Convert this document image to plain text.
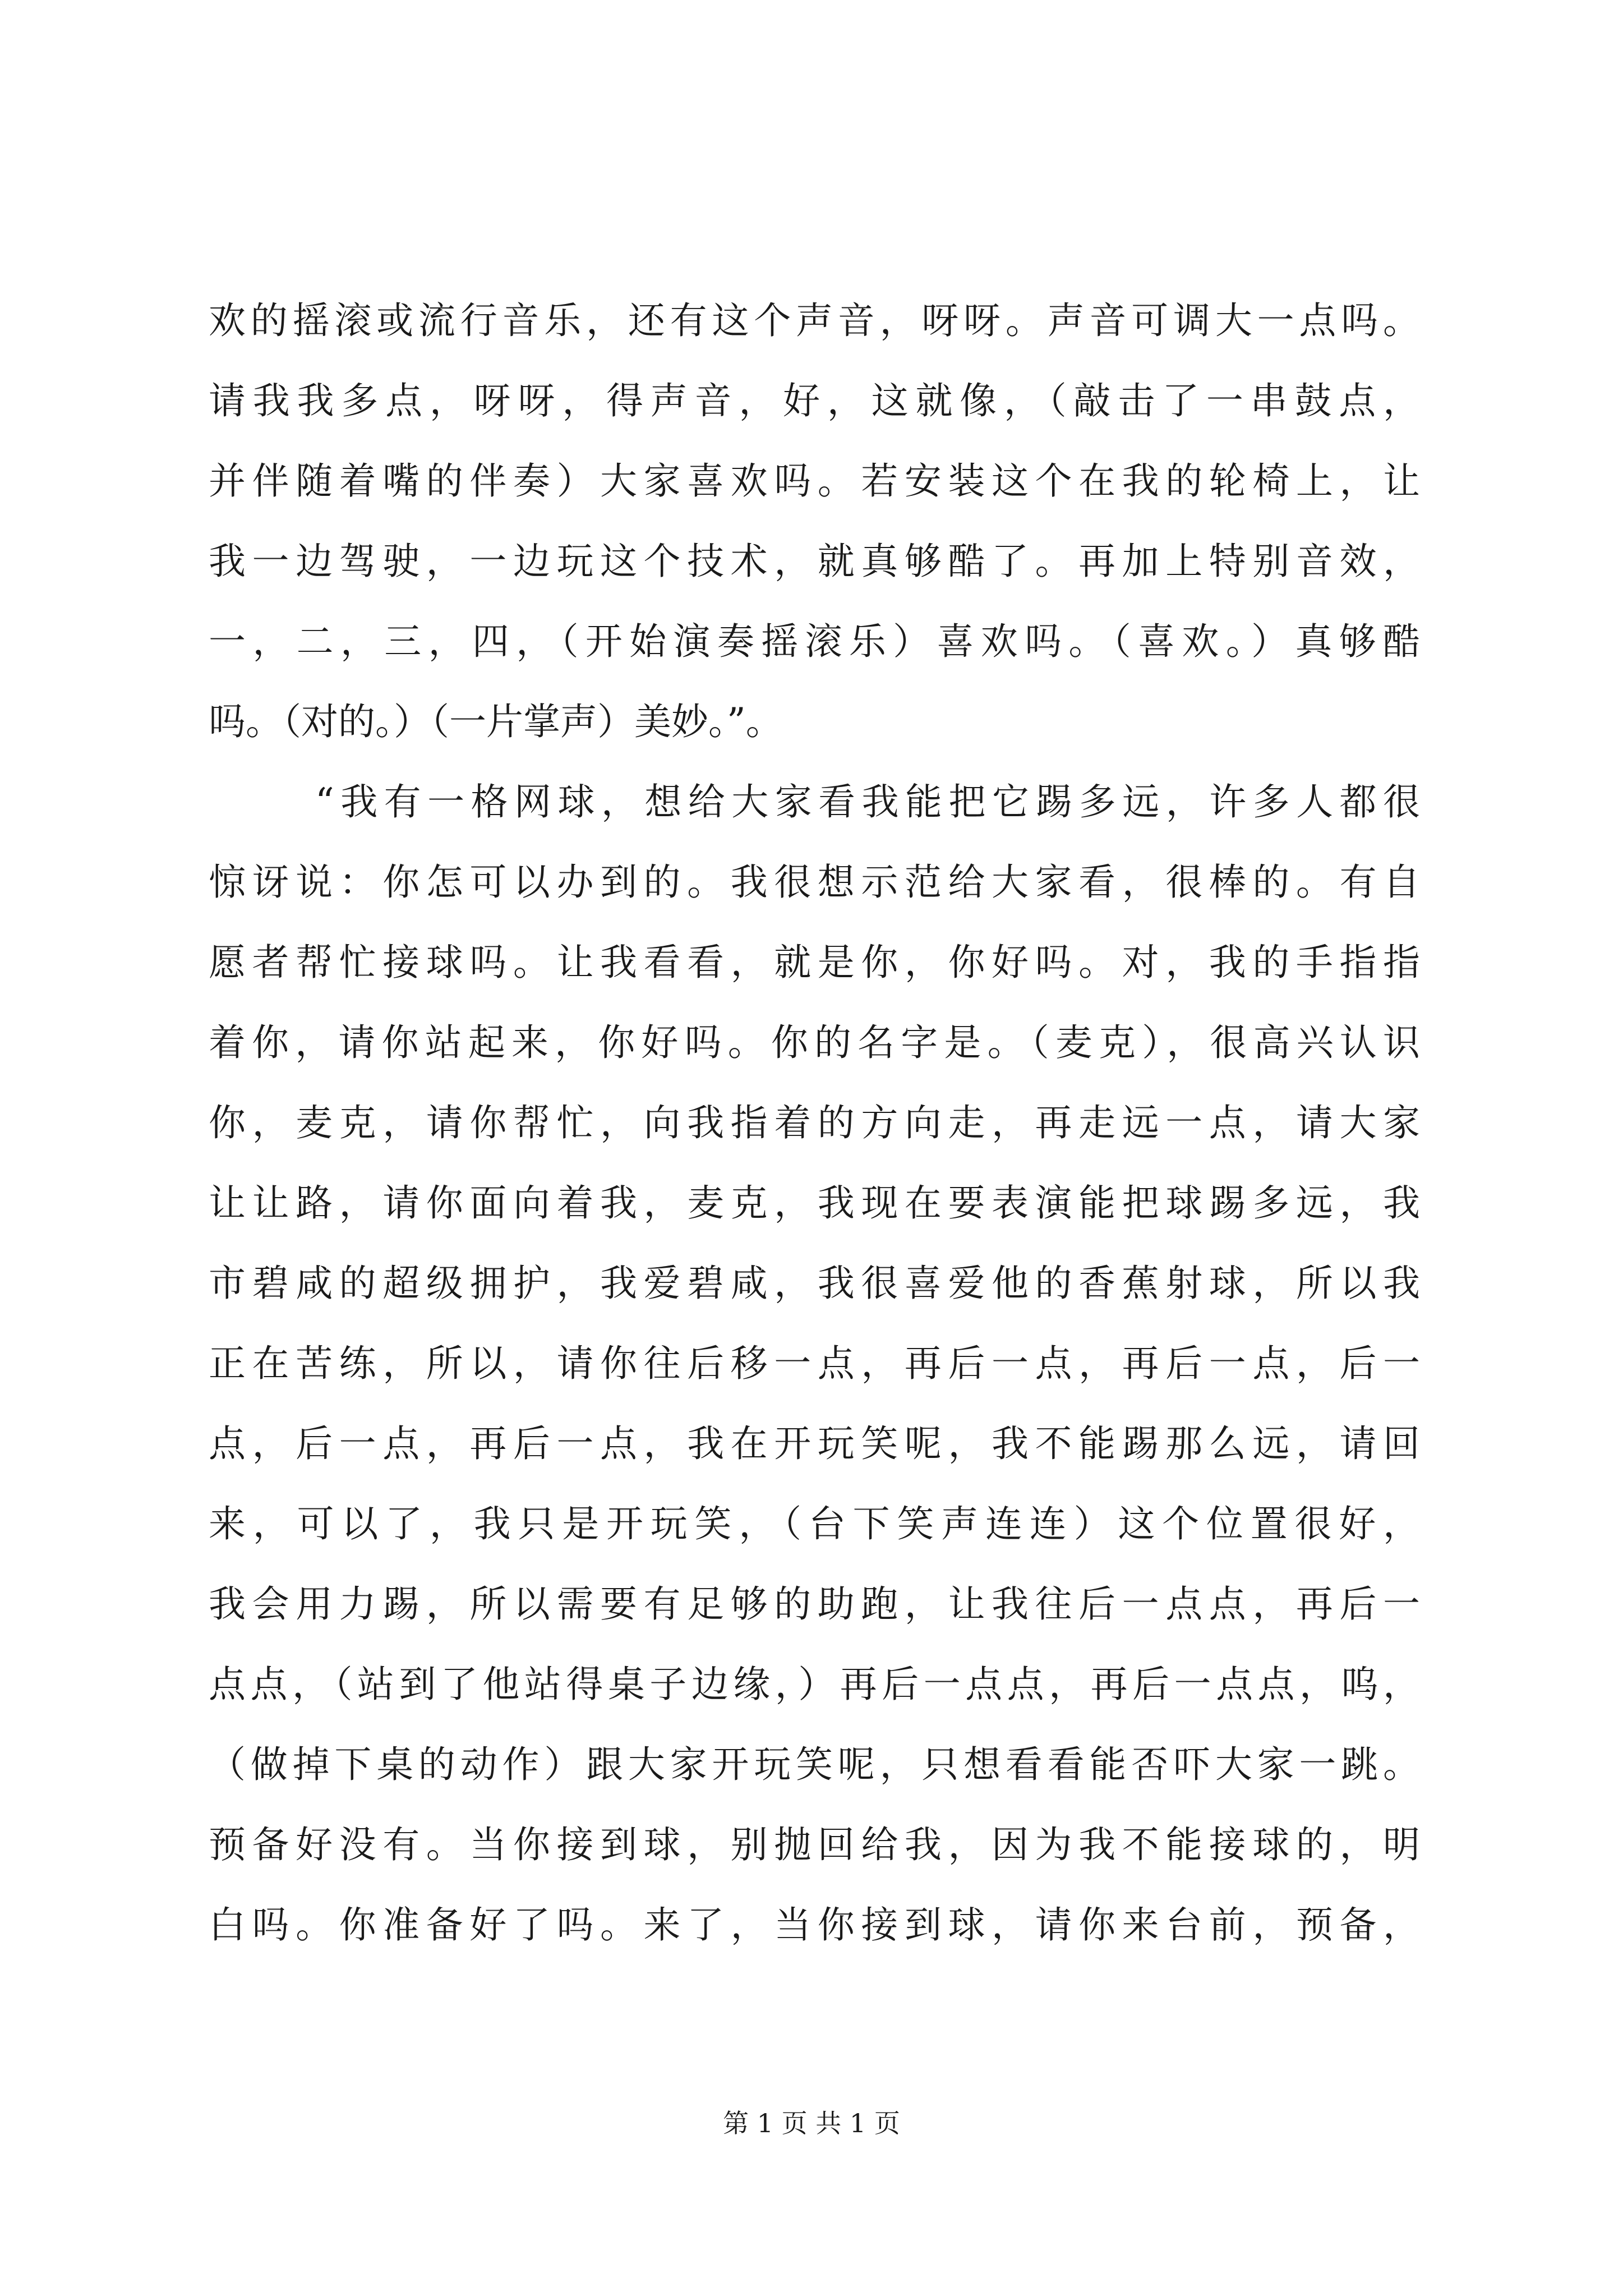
欢的摇滚或流行音乐，还有这个声音，呀呀。声音可调大一点吗。
请我我多点，呀呀，得声音，好，这就像，（敲击了一串鼓点，
并伴随着嘴的伴奏）大家喜欢吗。若安装这个在我的轮椅上，让
我一边驾驶，一边玩这个技术，就真够酷了。再加上特别音效，
一，二，三，四，（开始演奏摇滚乐）喜欢吗。（喜欢。）真够酷
吗。（对的。）（一片掌声）美妙。”。
“我有一格网球，想给大家看我能把它踢多远，许多人都很
惊讶说：你怎可以办到的。我很想示范给大家看，很棒的。有自
愿者帮忙接球吗。让我看看，就是你，你好吗。对，我的手指指
着你，请你站起来，你好吗。你的名字是。（麦克），很高兴认识
你，麦克，请你帮忙，向我指着的方向走，再走远一点，请大家
让让路，请你面向着我，麦克，我现在要表演能把球踢多远，我
市碧咸的超级拥护，我爱碧咸，我很喜爱他的香蕉射球，所以我
正在苦练，所以，请你往后移一点，再后一点，再后一点，后一
点，后一点，再后一点，我在开玩笑呢，我不能踢那么远，请回
来，可以了，我只是开玩笑，（台下笑声连连）这个位置很好，
我会用力踢，所以需要有足够的助跑，让我往后一点点，再后一
点点，（站到了他站得桌子边缘，）再后一点点，再后一点点，呜，
（做掉下桌的动作）跟大家开玩笑呢，只想看看能否吓大家一跳。
预备好没有。当你接到球，别抛回给我，因为我不能接球的，明
白吗。你准备好了吗。来了，当你接到球，请你来台前，预备，
第 1 页 共 1 页
